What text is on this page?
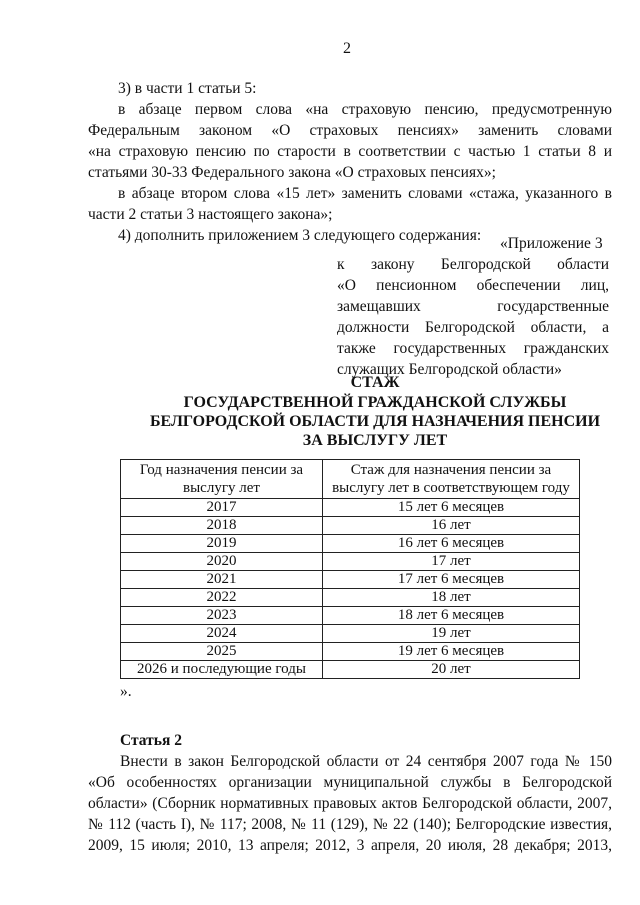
2
3) в части 1 статьи 5:
в абзаце первом слова «на страховую пенсию, предусмотренную
Федеральным законом «О страховых пенсиях» заменить словами
«на страховую пенсию по старости в соответствии с частью 1 статьи 8 и
статьями 30-33 Федерального закона «О страховых пенсиях»;
в абзаце втором слова «15 лет» заменить словами «стажа, указанного в
части 2 статьи 3 настоящего закона»;
4) дополнить приложением 3 следующего содержания: «Приложение 3
к закону Белгородской области
«О пенсионном обеспечении лиц,
замещавших государственные
должности Белгородской области, а
также государственных гражданских
служащих Белгородской области»
СТАЖ
ГОСУДАРСТВЕННОЙ ГРАЖДАНСКОЙ СЛУЖБЫ
БЕЛГОРОДСКОЙ ОБЛАСТИ ДЛЯ НАЗНАЧЕНИЯ ПЕНСИИ
ЗА ВЫСЛУГУ ЛЕТ
Год назначения пенсии за выслугу лет	Стаж для назначения пенсии за выслугу лет в соответствующем году
2017	15 лет 6 месяцев
2018	16 лет
2019	16 лет 6 месяцев
2020	17 лет
2021	17 лет 6 месяцев
2022	18 лет
2023	18 лет 6 месяцев
2024	19 лет
2025	19 лет 6 месяцев
2026 и последующие годы	20 лет
».
Статья 2
Внести в закон Белгородской области от 24 сентября 2007 года № 150
«Об особенностях организации муниципальной службы в Белгородской
области» (Сборник нормативных правовых актов Белгородской области, 2007,
№ 112 (часть I), № 117; 2008, № 11 (129), № 22 (140); Белгородские известия,
2009, 15 июля; 2010, 13 апреля; 2012, 3 апреля, 20 июля, 28 декабря; 2013,
